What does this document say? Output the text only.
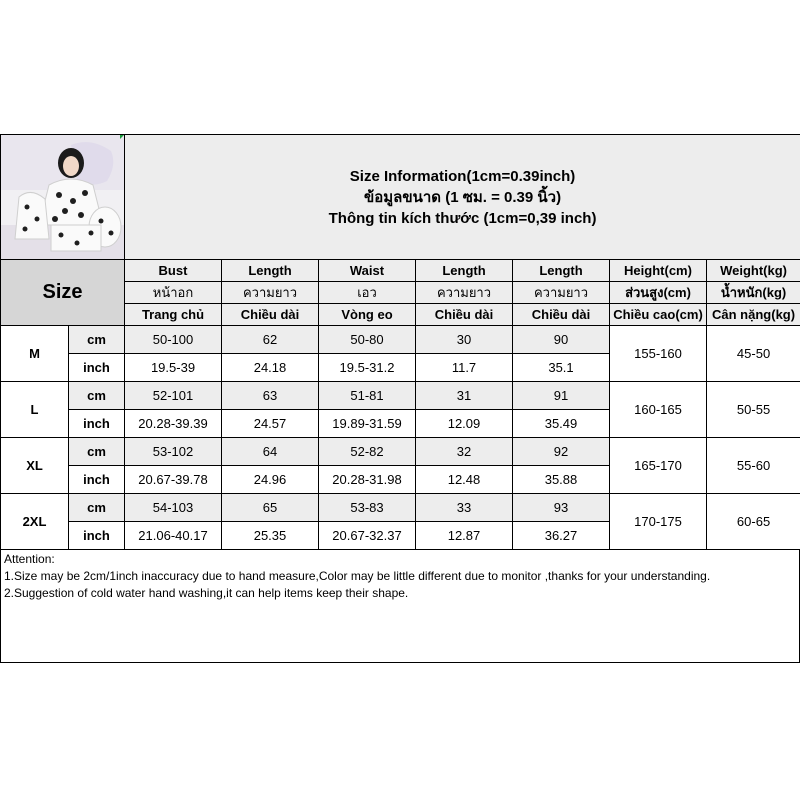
Size Information(1cm=0.39inch)
ข้อมูลขนาด (1 ซม. = 0.39 นิ้ว)
Thông tin kích thước (1cm=0,39 inch)						

Size		Bust	Length	Waist	Length	Length	Height(cm)	Weight(kg)
		หน้าอก	ความยาว	เอว	ความยาว	ความยาว	ส่วนสูง(cm)	น้ำหนัก(kg)
		Trang chủ	Chiều dài	Vòng eo	Chiều dài	Chiều dài	Chiều cao(cm)	Cân nặng(kg)
M	cm	50-100	62	50-80	30	90	155-160	45-50
	inch	19.5-39	24.18	19.5-31.2	11.7	35.1		
L	cm	52-101	63	51-81	31	91	160-165	50-55
	inch	20.28-39.39	24.57	19.89-31.59	12.09	35.49		
XL	cm	53-102	64	52-82	32	92	165-170	55-60
	inch	20.67-39.78	24.96	20.28-31.98	12.48	35.88		
2XL	cm	54-103	65	53-83	33	93	170-175	60-65
	inch	21.06-40.17	25.35	20.67-32.37	12.87	36.27		
Attention:
1.Size may be 2cm/1inch inaccuracy due to hand measure,Color may be little different due to monitor ,thanks for your understanding.
2.Suggestion of cold water hand washing,it can help items keep their shape.
